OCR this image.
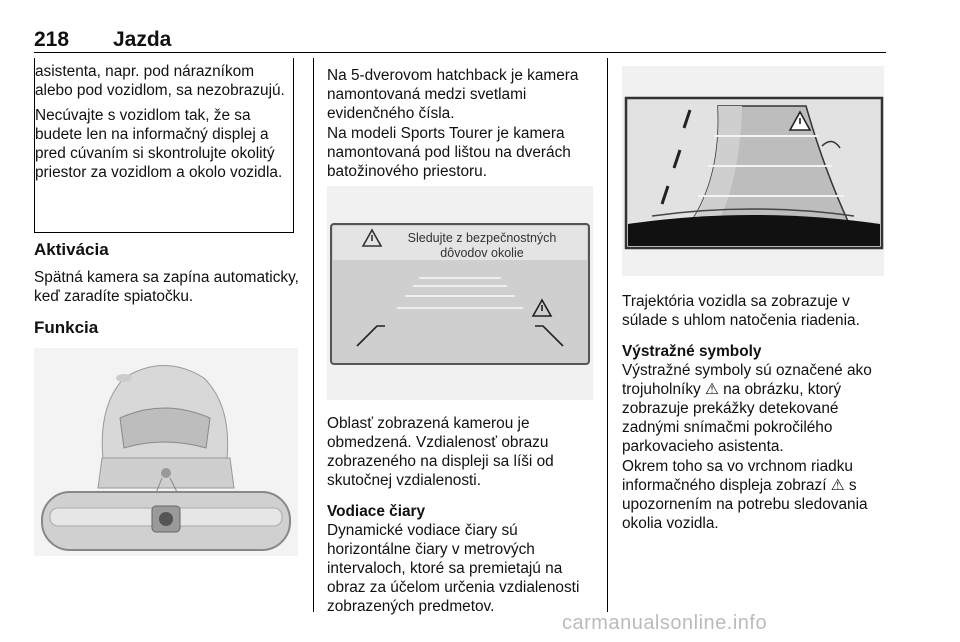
218 Jazda

asistenta, napr. pod nárazníkom alebo pod vozidlom, sa nezobrazujú.

Necúvajte s vozidlom tak, že sa budete len na informačný displej a pred cúvaním si skontrolujte okolitý priestor za vozidlom a okolo vozidla.

Aktivácia
Spätná kamera sa zapína automaticky, keď zaradíte spiatočku.
Funkcia
Na 5-dverovom hatchback je kamera namontovaná medzi svetlami evidenčného čísla.
Na modeli Sports Tourer je kamera namontovaná pod lištou na dverách batožinového priestoru.
Sledujte z bezpečnostných
dôvodov okolie
Oblasť zobrazená kamerou je obmedzená. Vzdialenosť obrazu zobrazeného na displeji sa líši od skutočnej vzdialenosti.
Vodiace čiary
Dynamické vodiace čiary sú horizontálne čiary v metrových intervaloch, ktoré sa premietajú na obraz za účelom určenia vzdialenosti zobrazených predmetov.
Trajektória vozidla sa zobrazuje v súlade s uhlom natočenia riadenia.
Výstražné symboly
Výstražné symboly sú označené ako trojuholníky ⚠ na obrázku, ktorý zobrazuje prekážky detekované zadnými snímačmi pokročilého parkovacieho asistenta.
Okrem toho sa vo vrchnom riadku informačného displeja zobrazí ⚠ s upozornením na potrebu sledovania okolia vozidla.
carmanualsonline.info
